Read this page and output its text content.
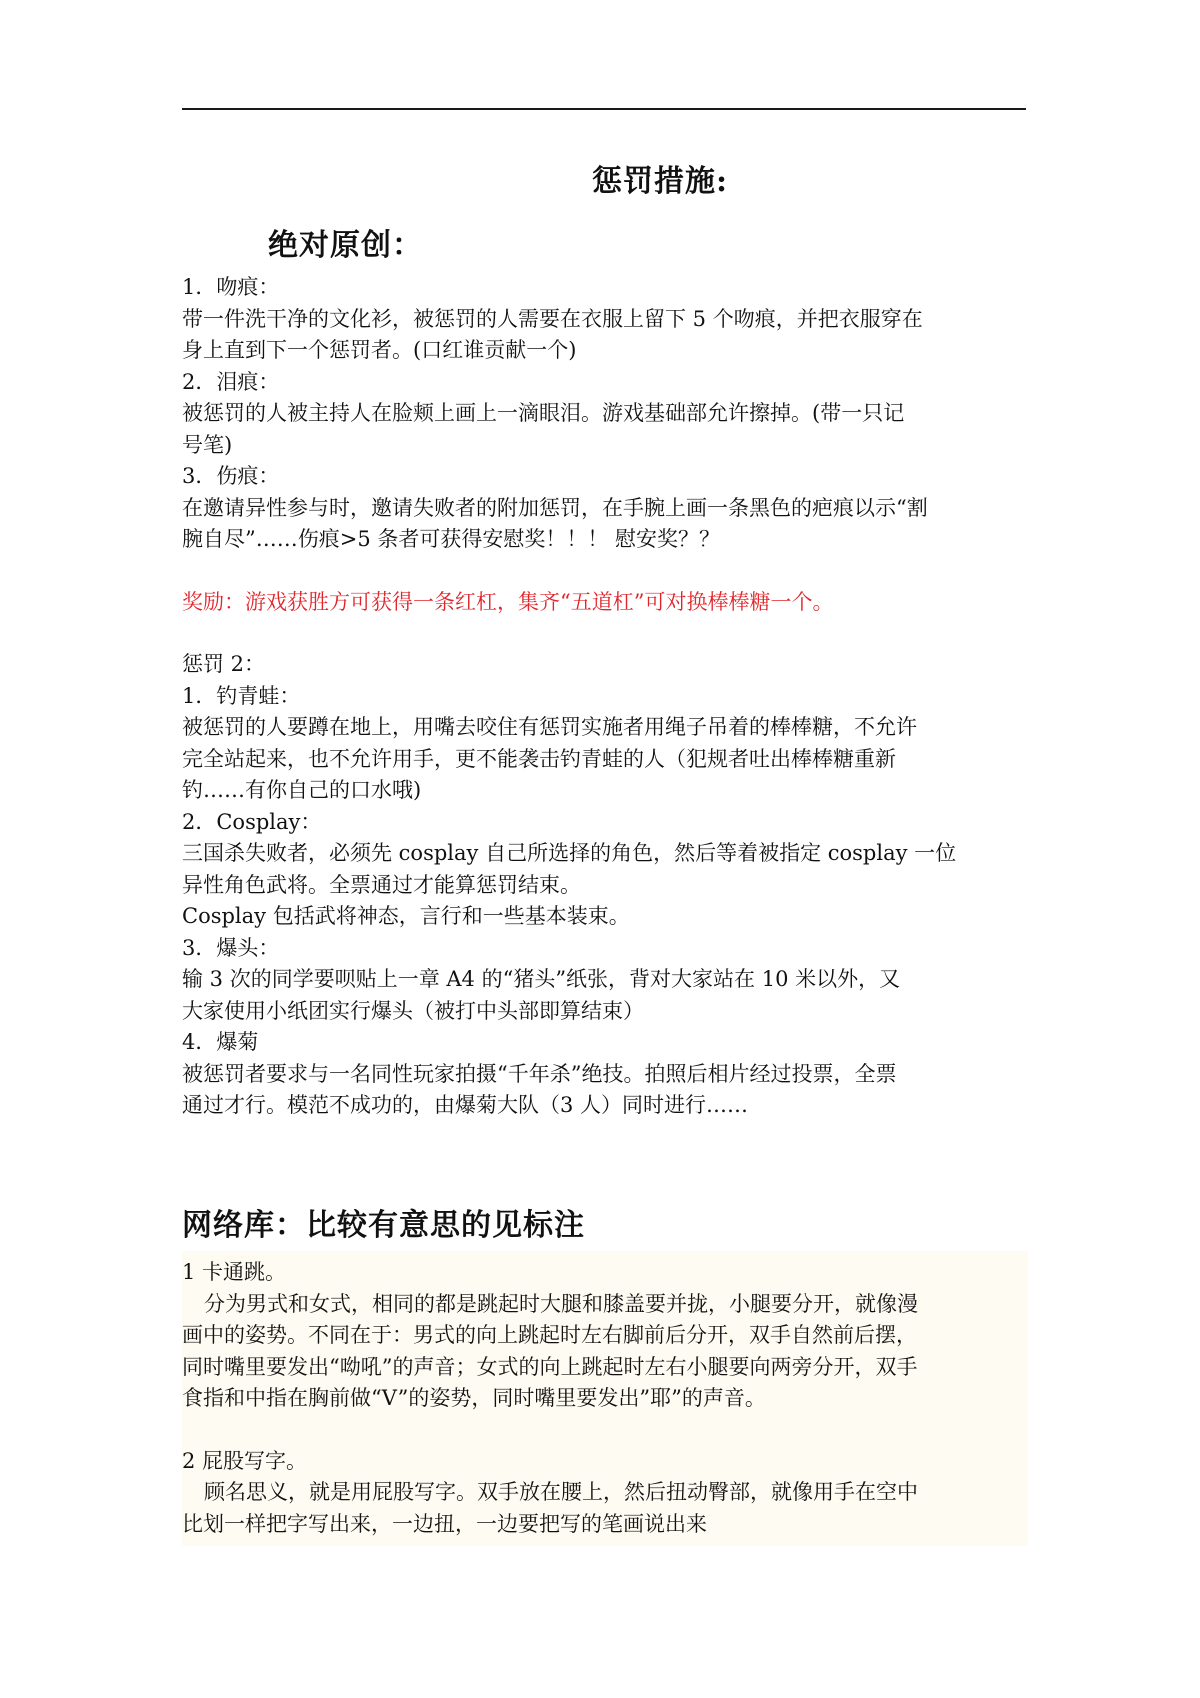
惩罚措施:
绝对原创：

1．吻痕：

带一件洗干净的文化衫，被惩罚的人需要在衣服上留下 5 个吻痕，并把衣服穿在

身上直到下一个惩罚者。(口红谁贡献一个)

2．泪痕：

被惩罚的人被主持人在脸颊上画上一滴眼泪。游戏基础部允许擦掉。(带一只记

号笔)

3．伤痕：

在邀请异性参与时，邀请失败者的附加惩罚，在手腕上画一条黑色的疤痕以示“割

腕自尽”……伤痕>5 条者可获得安慰奖！！！ 慰安奖？？

奖励：游戏获胜方可获得一条红杠，集齐“五道杠”可对换棒棒糖一个。

惩罚 2：

1．钓青蛙：

被惩罚的人要蹲在地上，用嘴去咬住有惩罚实施者用绳子吊着的棒棒糖，不允许

完全站起来，也不允许用手，更不能袭击钓青蛙的人（犯规者吐出棒棒糖重新

钓……有你自己的口水哦)

2．Cosplay：

三国杀失败者，必须先 cosplay 自己所选择的角色，然后等着被指定 cosplay 一位

异性角色武将。全票通过才能算惩罚结束。

Cosplay 包括武将神态，言行和一些基本装束。

3．爆头：

输 3 次的同学要呗贴上一章 A4 的“猪头”纸张，背对大家站在 10 米以外，又

大家使用小纸团实行爆头（被打中头部即算结束）

4．爆菊

被惩罚者要求与一名同性玩家拍摄“千年杀”绝技。拍照后相片经过投票，全票

通过才行。模范不成功的，由爆菊大队（3 人）同时进行……

网络库：比较有意思的见标注

1 卡通跳。

分为男式和女式，相同的都是跳起时大腿和膝盖要并拢，小腿要分开，就像漫

画中的姿势。不同在于：男式的向上跳起时左右脚前后分开，双手自然前后摆，

同时嘴里要发出“呦吼”的声音；女式的向上跳起时左右小腿要向两旁分开，双手

食指和中指在胸前做“V”的姿势，同时嘴里要发出”耶”的声音。

2 屁股写字。

顾名思义，就是用屁股写字。双手放在腰上，然后扭动臀部，就像用手在空中

比划一样把字写出来，一边扭，一边要把写的笔画说出来
